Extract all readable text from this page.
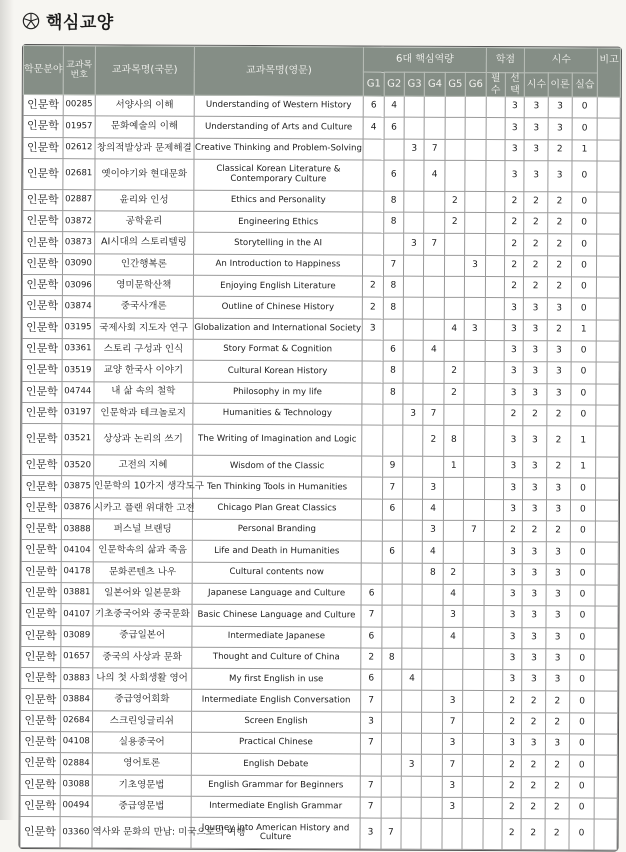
핵심교양
학문분야	교과목 번호	교과목명(국문)	교과목명(영문)	6대 핵심역량						학점		시수			비고
				G1	G2	G3	G4	G5	G6	필수	선택	시수	이론	실습	
인문학	00285	서양사의 이해	Understanding of Western History	6	4						3	3	3	0	
인문학	01957	문화예술의 이해	Understanding of Arts and Culture	4	6						3	3	3	0	
인문학	02612	창의적발상과 문제해결	Creative Thinking and Problem-Solving			3	7				3	3	2	1	
인문학	02681	옛이야기와 현대문화	Classical Korean Literature & Contemporary Culture		6		4				3	3	3	0	
인문학	02887	윤리와 인성	Ethics and Personality		8			2			2	2	2	0	
인문학	03872	공학윤리	Engineering Ethics		8			2			2	2	2	0	
인문학	03873	AI시대의 스토리텔링	Storytelling in the AI			3	7				2	2	2	0	
인문학	03090	인간행복론	An Introduction to Happiness		7				3		2	2	2	0	
인문학	03096	영미문학산책	Enjoying English Literature	2	8						2	2	2	0	
인문학	03874	중국사개론	Outline of Chinese History	2	8						3	3	3	0	
인문학	03195	국제사회 지도자 연구	Globalization and International Society	3				4	3		3	3	2	1	
인문학	03361	스토리 구성과 인식	Story Format & Cognition		6		4				3	3	3	0	
인문학	03519	교양 한국사 이야기	Cultural Korean History		8			2			3	3	3	0	
인문학	04744	내 삶 속의 철학	Philosophy in my life		8			2			3	3	3	0	
인문학	03197	인문학과 테크놀로지	Humanities & Technology			3	7				2	2	2	0	
인문학	03521	상상과 논리의 쓰기	The Writing of Imagination and Logic				2	8			3	3	2	1	
인문학	03520	고전의 지혜	Wisdom of the Classic		9			1			3	3	2	1	
인문학	03875	인문학의 10가지 생각도구	Ten Thinking Tools in Humanities		7		3				3	3	3	0	
인문학	03876	시카고 플랜 위대한 고전	Chicago Plan Great Classics		6		4				3	3	3	0	
인문학	03888	퍼스널 브랜딩	Personal Branding				3		7		2	2	2	0	
인문학	04104	인문학속의 삶과 죽음	Life and Death in Humanities		6		4				3	3	3	0	
인문학	04178	문화콘텐츠 나우	Cultural contents now				8	2			3	3	3	0	
인문학	03881	일본어와 일본문화	Japanese Language and Culture	6				4			3	3	3	0	
인문학	04107	기초중국어와 중국문화	Basic Chinese Language and Culture	7				3			3	3	3	0	
인문학	03089	중급일본어	Intermediate Japanese	6				4			3	3	3	0	
인문학	01657	중국의 사상과 문화	Thought and Culture of China	2	8						3	3	3	0	
인문학	03883	나의 첫 사회생활 영어	My first English in use	6		4					3	3	3	0	
인문학	03884	중급영어회화	Intermediate English Conversation	7				3			2	2	2	0	
인문학	02684	스크린잉글리쉬	Screen English	3				7			2	2	2	0	
인문학	04108	실용중국어	Practical Chinese	7				3			3	3	3	0	
인문학	02884	영어토론	English Debate			3		7			2	2	2	0	
인문학	03088	기초영문법	English Grammar for Beginners	7				3			2	2	2	0	
인문학	00494	중급영문법	Intermediate English Grammar	7				3			2	2	2	0	
인문학	03360	역사와 문화의 만남: 미국으로의 여행	Journey into American History and Culture	3	7						2	2	2	0	
